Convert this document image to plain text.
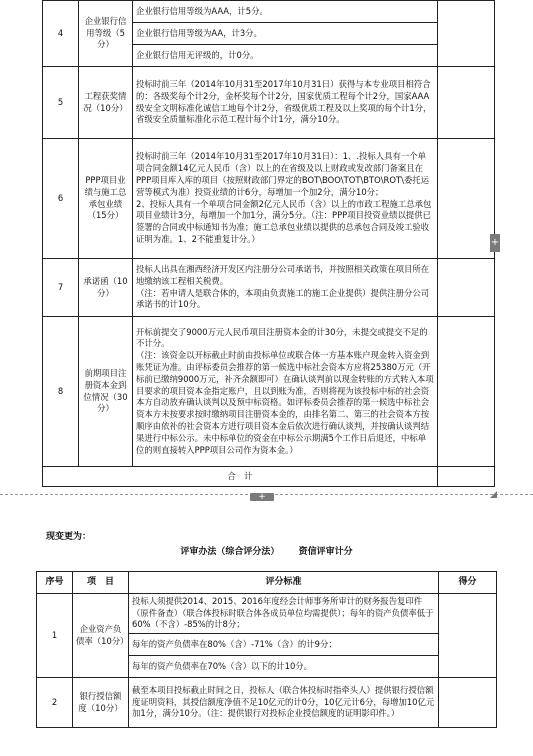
4	企业银行信用等级（5分）	企业银行信用等级为AAA，计5分。	
		企业银行信用等级为AA，计3分。	
		企业银行信用无评级的，计0分。	
5	工程获奖情况（10分）	投标时前三年（2014年10月31至2017年10月31日）获得与本专业项目相符合的：各级奖每个计2分，金杯奖每个计2分，国家优质工程每个计2分，国家AAA级安全文明标准化诚信工地每个计2分，省级优质工程及以上奖项的每个计1分，省级安全质量标准化示范工程计每个计1分，满分10分。	
6	PPP项目业绩与施工总承包业绩（15分）	投标时前三年（2014年10月31至2017年10月31日）：1、.投标人具有一个单项合同金额14亿元人民币（含）以上的在省级及以上财政或发改部门备案且在PPP项目库入库的项目（按照财政部门界定的BOT\BOO\TOT\BTO\ROT\委托运营等模式为准）投资业绩的计6分，每增加一个加2分，满分10分；
2、投标人具有一个单项合同金额2亿元人民币（含）以上的市政工程施工总承包项目业绩计3分，每增加一个加1分，满分5分。（注：PPP项目投资业绩以提供已签署的合同或中标通知书为准；施工总承包业绩以提供的总承包合同及竣工验收证明为准。1、2不能重复计分。）	

7	承诺函（10分）	投标人出具在湘西经济开发区内注册分公司承诺书，并按照相关政策在项目所在地缴纳该工程相关税费。
（注：若申请人是联合体的，本项由负责施工的施工企业提供）提供注册分公司承诺书的计10分。	

8	前期项目注册资本金到位情况（30分）	开标前提交了9000万元人民币项目注册资本金的计30分，未提交或提交不足的不计分。
（注：该资金以开标截止时前由投标单位或联合体一方基本账户现金转入资金到账凭证为准。由评标委员会推荐的第一候选中标社会资本方应将25380万元（开标前已缴纳9000万元，补齐余额即可）在确认谈判前以现金转账的方式转入本项目要求的项目资本金指定账户，且以到账为准，否则将视为该投标中标的社会资本方自动放弃确认谈判以及预中标资格。如评标委员会推荐的第一候选中标社会资本方未按要求按时缴纳项目注册资本金的，由排名第二、第三的社会资本方按顺序由依补的社会资本方进行项目资本金后依次进行确认谈判，并按确认谈判结果进行中标公示。未中标单位的资金在中标公示期满5个工作日后退还，中标单位的则直接转入PPP项目公司作为资本金。）	

合　计			
+
+
现变更为：
评审办法（综合评分法） 资信评审计分
序号	项　目	评分标准	得分
1	企业资产负债率（10分）	投标人须提供2014、2015、2016年度经会计师事务所审计的财务报告复印件（原件备查）（联合体投标时联合体各成员单位均需提供）；每年的资产负债率低于60%（不含）-85%的计8分；	
		每年的资产负债率在80%（含）-71%（含）的计9分；	
		每年的资产负债率在70%（含）以下的计10分。	
2	银行授信额度（10分）	截至本项目投标截止时间之日，投标人（联合体投标时指牵头人）提供银行授信额度证明资料，其授信额度净值不足10亿元的计0分，10亿元计6分，每增加10亿元加1分，满分10分。（注：提供银行对投标企业授信额度的证明影印件。）	
